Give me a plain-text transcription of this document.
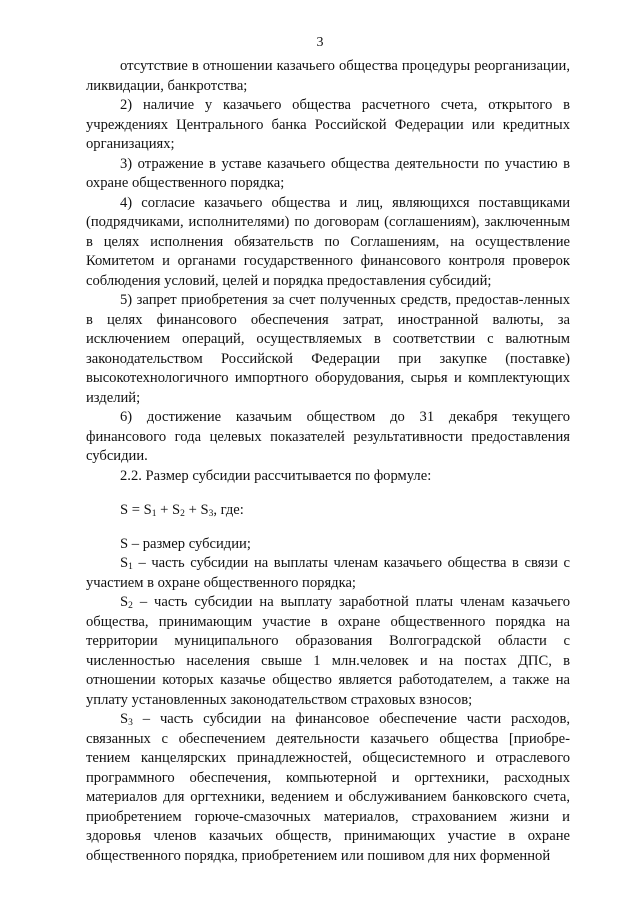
3

отсутствие в отношении казачьего общества процедуры реорганизации, ликвидации, банкротства;

2) наличие у казачьего общества расчетного счета, открытого в учреждениях Центрального банка Российской Федерации или кредитных организациях;

3) отражение в уставе казачьего общества деятельности по участию в охране общественного порядка;

4) согласие казачьего общества и лиц, являющихся поставщиками (подрядчиками, исполнителями) по договорам (соглашениям), заключенным в целях исполнения обязательств по Соглашениям, на осуществление Комитетом и органами государственного финансового контроля проверок соблюдения условий, целей и порядка предоставления субсидий;

5) запрет приобретения за счет полученных средств, предостав-ленных в целях финансового обеспечения затрат, иностранной валюты, за исключением операций, осуществляемых в соответствии с валютным законодательством Российской Федерации при закупке (поставке) высокотехнологичного импортного оборудования, сырья и комплектующих изделий;

6) достижение казачьим обществом до 31 декабря текущего финансового года целевых показателей результативности предоставления субсидии.

2.2. Размер субсидии рассчитывается по формуле:

$S = S_1 + S_2 + S_3$, где:

S – размер субсидии;

$S_1$ – часть субсидии на выплаты членам казачьего общества в связи с участием в охране общественного порядка;

$S_2$ – часть субсидии на выплату заработной платы членам казачьего общества, принимающим участие в охране общественного порядка на территории муниципального образования Волгоградской области с численностью населения свыше 1 млн.человек и на постах ДПС, в отношении которых казачье общество является работодателем, а также на уплату установленных законодательством страховых взносов;

$S_3$ – часть субсидии на финансовое обеспечение части расходов, связанных с обеспечением деятельности казачьего общества [приобре-тением канцелярских принадлежностей, общесистемного и отраслевого программного обеспечения, компьютерной и оргтехники, расходных материалов для оргтехники, ведением и обслуживанием банковского счета, приобретением горюче-смазочных материалов, страхованием жизни и здоровья членов казачьих обществ, принимающих участие в охране общественного порядка, приобретением или пошивом для них форменной
